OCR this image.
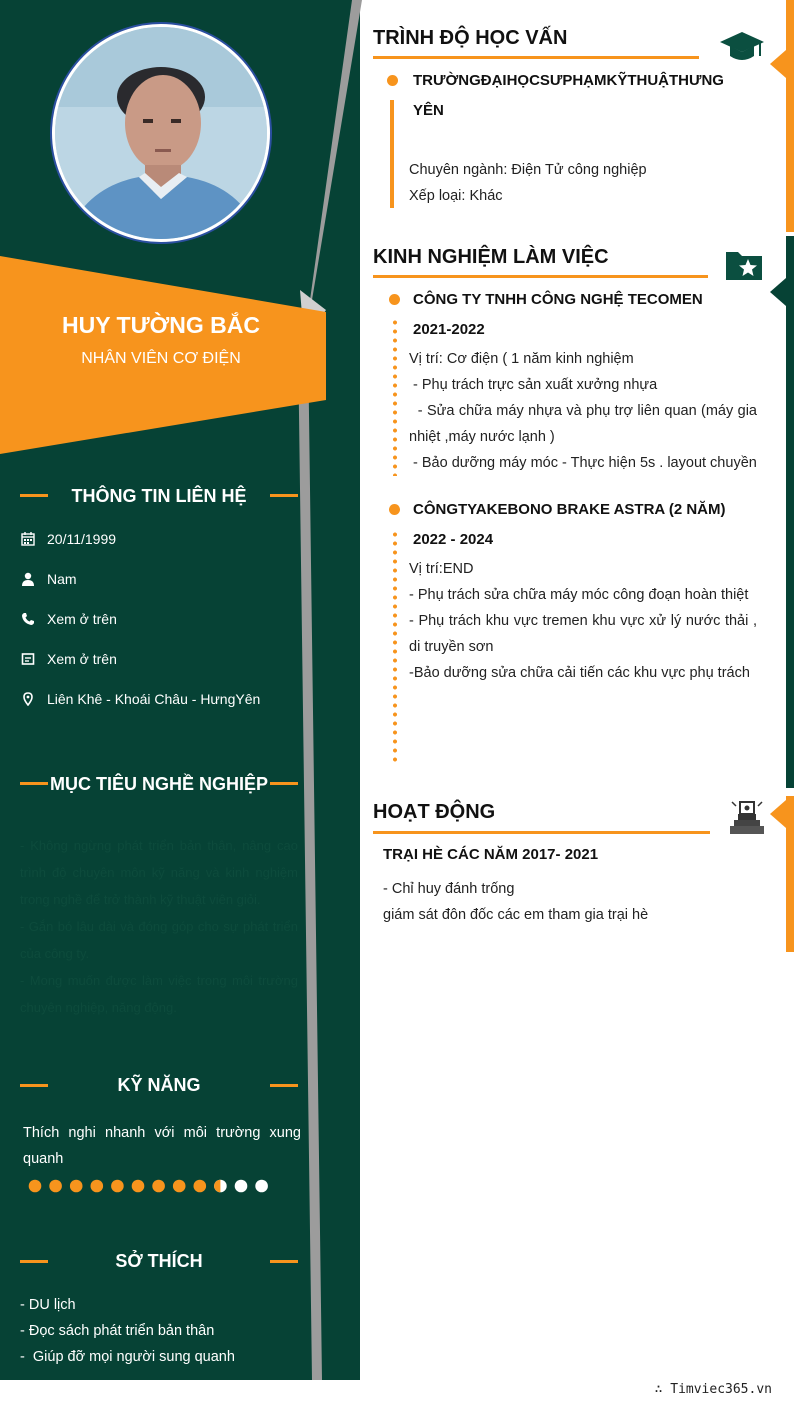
HUY TƯỜNG BẮC
NHÂN VIÊN CƠ ĐIỆN
THÔNG TIN LIÊN HỆ
20/11/1999
Nam
Xem ở trên
Xem ở trên
Liên Khê - Khoái Châu - HưngYên
MỤC TIÊU NGHỀ NGHIỆP
- Không ngừng phát triển bản thân, nâng cao trình độ chuyên môn kỹ năng và kinh nghiệm trong nghề để trở thành kỹ thuật viên giỏi.
- Gắn bó lâu dài và đóng góp cho sự phát triển của công ty.
- Mong muốn được làm việc trong môi trường chuyên nghiệp, năng động.
KỸ NĂNG
Thích nghi nhanh với môi trường xung quanh
SỞ THÍCH
- DU lịch
- Đọc sách phát triển bản thân
-  Giúp đỡ mọi người sung quanh
TRÌNH ĐỘ HỌC VẤN
TRƯỜNGĐẠIHỌCSƯPHẠMKỸTHUẬTHƯNG
YÊN
Chuyên ngành: Điện Tử công nghiệp
Xếp loại: Khác
KINH NGHIỆM LÀM VIỆC
CÔNG TY TNHH CÔNG NGHỆ TECOMEN
2021-2022
Vị trí: Cơ điện ( 1 năm kinh nghiệm
- Phụ trách trực sản xuất xưởng nhựa
- Sửa chữa máy nhựa và phụ trợ liên quan (máy gia nhiệt ,máy nước lạnh )
- Bảo dưỡng máy móc - Thực hiện 5s . layout chuyền
CÔNGTYAKEBONO BRAKE ASTRA (2 NĂM)
2022 - 2024
Vị trí:END
- Phụ trách sửa chữa máy móc công đoạn hoàn thiệt
- Phụ trách khu vực tremen khu vực xử lý nước thải , di truyền sơn
-Bảo dưỡng sửa chữa cải tiến các khu vực phụ trách
HOẠT ĐỘNG
TRẠI HÈ CÁC NĂM 2017- 2021
- Chỉ huy đánh trống
giám sát đôn đốc các em tham gia trại hè
∴ Timviec365.vn
